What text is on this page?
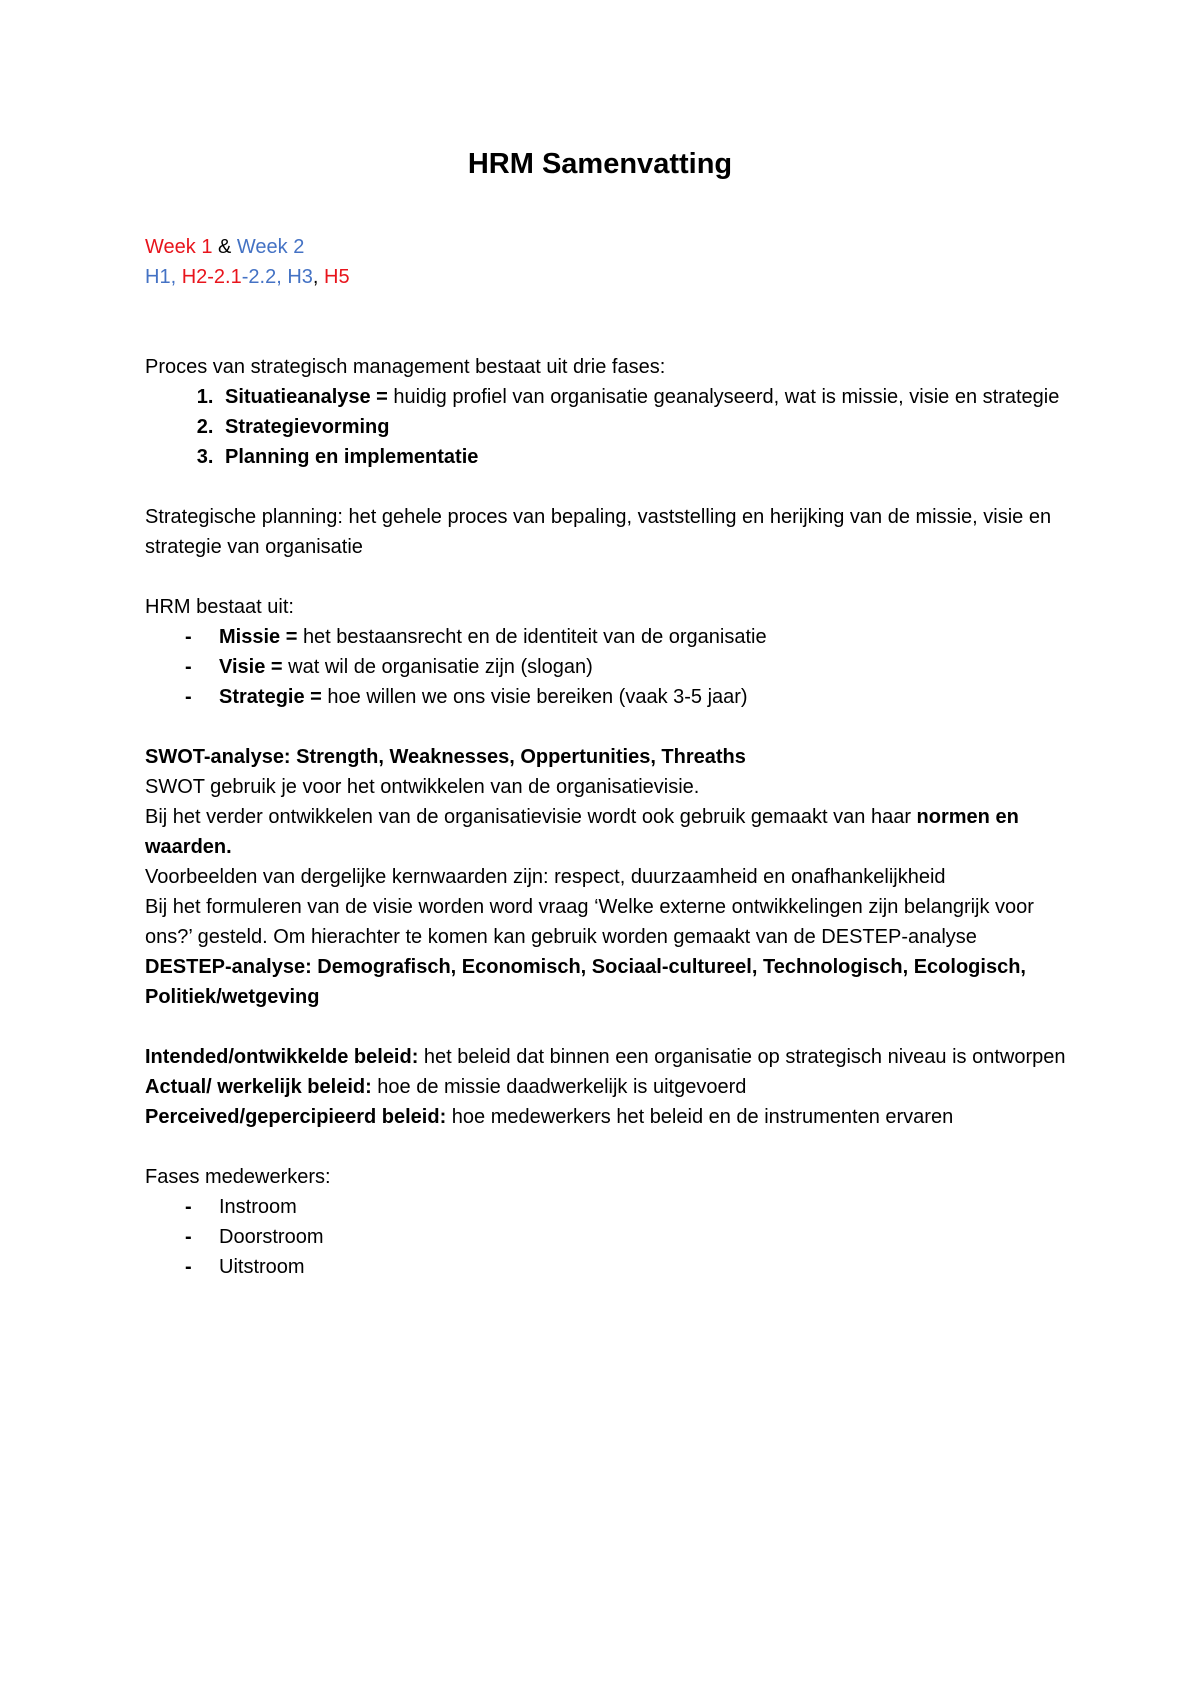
HRM Samenvatting

Week 1 & Week 2

H1, H2-2.1-2.2, H3, H5

Proces van strategisch management bestaat uit drie fases:

1. Situatieanalyse = huidig profiel van organisatie geanalyseerd, wat is missie, visie en strategie
2. Strategievorming
3. Planning en implementatie

Strategische planning: het gehele proces van bepaling, vaststelling en herijking van de missie, visie en strategie van organisatie

HRM bestaat uit:

- Missie = het bestaansrecht en de identiteit van de organisatie
- Visie = wat wil de organisatie zijn (slogan)
- Strategie = hoe willen we ons visie bereiken (vaak 3-5 jaar)

SWOT-analyse: Strength, Weaknesses, Oppertunities, Threaths

SWOT gebruik je voor het ontwikkelen van de organisatievisie.

Bij het verder ontwikkelen van de organisatievisie wordt ook gebruik gemaakt van haar normen en waarden.

Voorbeelden van dergelijke kernwaarden zijn: respect, duurzaamheid en onafhankelijkheid

Bij het formuleren van de visie worden word vraag ‘Welke externe ontwikkelingen zijn belangrijk voor ons?’ gesteld. Om hierachter te komen kan gebruik worden gemaakt van de DESTEP-analyse

DESTEP-analyse: Demografisch, Economisch, Sociaal-cultureel, Technologisch, Ecologisch, Politiek/wetgeving

Intended/ontwikkelde beleid: het beleid dat binnen een organisatie op strategisch niveau is ontworpen

Actual/ werkelijk beleid: hoe de missie daadwerkelijk is uitgevoerd

Perceived/gepercipieerd beleid: hoe medewerkers het beleid en de instrumenten ervaren

Fases medewerkers:

- Instroom
- Doorstroom
- Uitstroom
